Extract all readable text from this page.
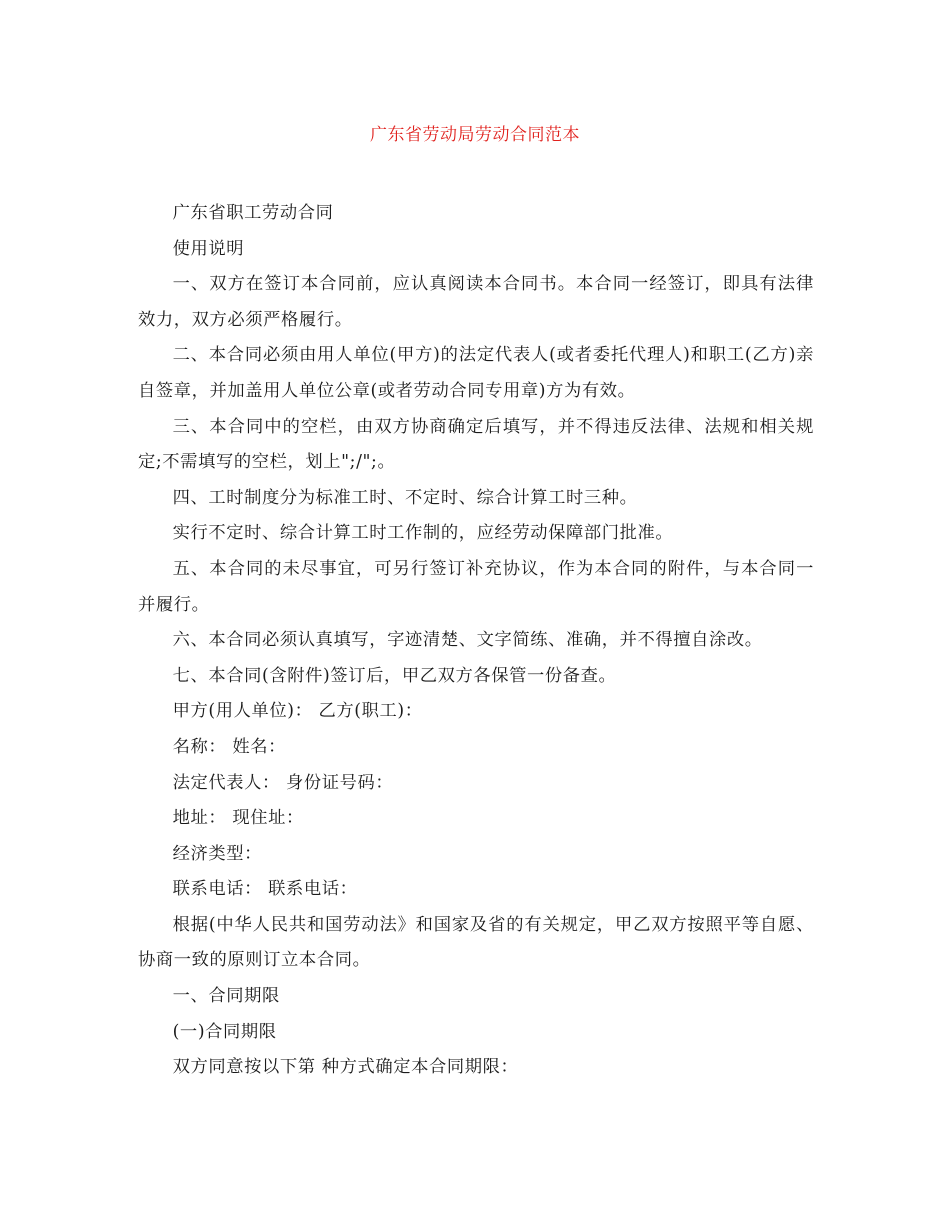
广东省劳动局劳动合同范本

广东省职工劳动合同

使用说明

一、双方在签订本合同前，应认真阅读本合同书。本合同一经签订，即具有法律效力，双方必须严格履行。

二、本合同必须由用人单位(甲方)的法定代表人(或者委托代理人)和职工(乙方)亲自签章，并加盖用人单位公章(或者劳动合同专用章)方为有效。

三、本合同中的空栏，由双方协商确定后填写，并不得违反法律、法规和相关规定;不需填写的空栏，划上";/";。

四、工时制度分为标准工时、不定时、综合计算工时三种。

实行不定时、综合计算工时工作制的，应经劳动保障部门批准。

五、本合同的未尽事宜，可另行签订补充协议，作为本合同的附件，与本合同一并履行。

六、本合同必须认真填写，字迹清楚、文字简练、准确，并不得擅自涂改。

七、本合同(含附件)签订后，甲乙双方各保管一份备查。

甲方(用人单位)： 乙方(职工)：

名称： 姓名：

法定代表人： 身份证号码：

地址： 现住址：

经济类型：

联系电话： 联系电话：

根据(中华人民共和国劳动法》和国家及省的有关规定，甲乙双方按照平等自愿、协商一致的原则订立本合同。

一、合同期限

(一)合同期限

双方同意按以下第 种方式确定本合同期限：
